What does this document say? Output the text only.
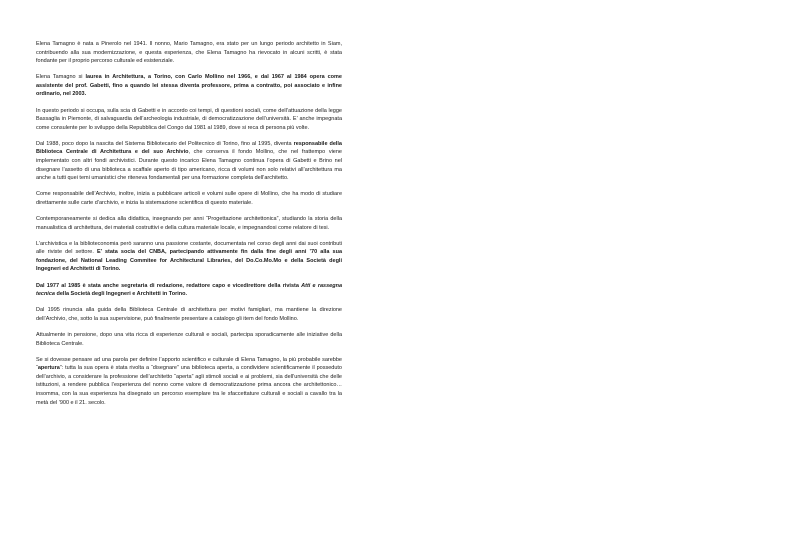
Elena Tamagno è nata a Pinerolo nel 1941. Il nonno, Mario Tamagno, era stato per un lungo periodo architetto in Siam, contribuendo alla sua modernizzazione, e questa esperienza, che Elena Tamagno ha rievocato in alcuni scritti, è stata fondante per il proprio percorso culturale ed esistenziale.

Elena Tamagno si laurea in Architettura, a Torino, con Carlo Mollino nel 1966, e dal 1967 al 1984 opera come assistente del prof. Gabetti, fino a quando lei stessa diventa professore, prima a contratto, poi associato e infine ordinario, nel 2003.

In questo periodo si occupa, sulla scia di Gabetti e in accordo coi tempi, di questioni sociali, come dell’attuazione della legge Bassaglia in Piemonte, di salvaguardia dell’archeologia industriale, di democratizzazione dell’università. E’ anche impegnata come consulente per lo sviluppo della Repubblica del Congo dal 1981 al 1989, dove si reca di persona più volte.

Dal 1988, poco dopo la nascita del Sistema Bibliotecario del Politecnico di Torino, fino al 1995, diventa responsabile della Biblioteca Centrale di Architettura e del suo Archivio, che conserva il fondo Mollino, che nel frattempo viene implementato con altri fondi archivistici. Durante questo incarico Elena Tamagno continua l’opera di Gabetti e Brino nel disegnare l’assetto di una biblioteca a scaffale aperto di tipo americano, ricca di volumi non solo relativi all’architettura ma anche a tutti quei temi umanistici che riteneva fondamentali per una formazione completa dell’architetto.

Come responsabile dell’Archivio, inoltre, inizia a pubblicare articoli e volumi sulle opere di Mollino, che ha modo di studiare direttamente sulle carte d’archivio, e inizia la sistemazione scientifica di questo materiale.

Contemporaneamente si dedica alla didattica, insegnando per anni “Progettazione architettonica”, studiando la storia della manualistica di architettura, dei materiali costruttivi e della cultura materiale locale, e impegnandosi come relatore di tesi.

L’archivistica e la biblioteconomia però saranno una passione costante, documentata nel corso degli anni dai suoi contributi alle riviste del settore. E’ stata socia del CNBA, partecipando attivamente fin dalla fine degli anni ’70 alla sua fondazione, del National Leading Commitee for Architectural Libraries, del Do.Co.Mo.Mo e della Società degli Ingegneri ed Architetti di Torino.

Dal 1977 al 1985 è stata anche segretaria di redazione, redattore capo e vicedirettore della rivista Atti e rassegna tecnica della Società degli Ingegneri e Architetti in Torino.

Dal 1995 rinuncia alla guida della Biblioteca Centrale di architettura per motivi famigliari, ma mantiene la direzione dell’Archivio, che, sotto la sua supervisione, può finalmente presentare a catalogo gli item del fondo Mollino.

Attualmente in pensione, dopo una vita ricca di esperienze culturali e sociali, partecipa sporadicamente alle iniziative della Biblioteca Centrale.

Se si dovesse pensare ad una parola per definire l’apporto scientifico e culturale di Elena Tamagno, la più probabile sarebbe “apertura”: tutta la sua opera è stata rivolta a “disegnare” una biblioteca aperta, a condividere scientificamente il posseduto dell’archivio, a considerare la professione dell’architetto “aperta” agli stimoli sociali e ai problemi, sia dell’università che delle istituzioni, a rendere pubblica l’esperienza del nonno come valore di democratizzazione prima ancora che architettonico… insomma, con la sua esperienza ha disegnato un percorso esemplare tra le sfaccettature culturali e sociali a cavallo tra la metà del ’900 e il 21. secolo.
